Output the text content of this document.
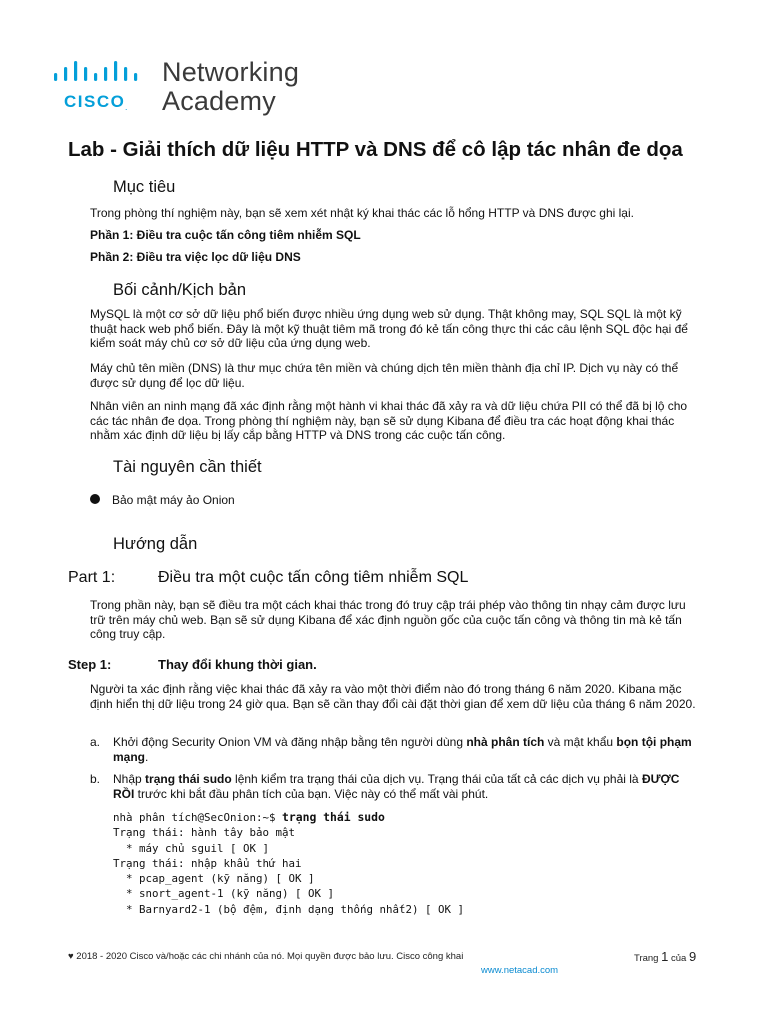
CISCO.
Networking
Academy
Lab - Giải thích dữ liệu HTTP và DNS để cô lập tác nhân đe dọa
Mục tiêu
Trong phòng thí nghiệm này, bạn sẽ xem xét nhật ký khai thác các lỗ hổng HTTP và DNS được ghi lại.
Phần 1: Điều tra cuộc tấn công tiêm nhiễm SQL
Phần 2: Điều tra việc lọc dữ liệu DNS
Bối cảnh/Kịch bản
MySQL là một cơ sở dữ liệu phổ biến được nhiều ứng dụng web sử dụng. Thật không may, SQL SQL là một kỹ thuật hack web phổ biến. Đây là một kỹ thuật tiêm mã trong đó kẻ tấn công thực thi các câu lệnh SQL độc hại để kiểm soát máy chủ cơ sở dữ liệu của ứng dụng web.
Máy chủ tên miền (DNS) là thư mục chứa tên miền và chúng dịch tên miền thành địa chỉ IP. Dịch vụ này có thể được sử dụng để lọc dữ liệu.
Nhân viên an ninh mạng đã xác định rằng một hành vi khai thác đã xảy ra và dữ liệu chứa PII có thể đã bị lộ cho các tác nhân đe dọa. Trong phòng thí nghiệm này, bạn sẽ sử dụng Kibana để điều tra các hoạt động khai thác nhằm xác định dữ liệu bị lấy cắp bằng HTTP và DNS trong các cuộc tấn công.
Tài nguyên cần thiết
Bảo mật máy ảo Onion
Hướng dẫn
Part 1:	Điều tra một cuộc tấn công tiêm nhiễm SQL
Trong phần này, bạn sẽ điều tra một cách khai thác trong đó truy cập trái phép vào thông tin nhạy cảm được lưu trữ trên máy chủ web. Bạn sẽ sử dụng Kibana để xác định nguồn gốc của cuộc tấn công và thông tin mà kẻ tấn công truy cập.
Step 1:	Thay đổi khung thời gian.
Người ta xác định rằng việc khai thác đã xảy ra vào một thời điểm nào đó trong tháng 6 năm 2020. Kibana mặc định hiển thị dữ liệu trong 24 giờ qua. Bạn sẽ cần thay đổi cài đặt thời gian để xem dữ liệu của tháng 6 năm 2020.
a. Khởi động Security Onion VM và đăng nhập bằng tên người dùng nhà phân tích và mật khẩu bọn tội phạm mạng.
b. Nhập trạng thái sudo lệnh kiểm tra trạng thái của dịch vụ. Trạng thái của tất cả các dịch vụ phải là ĐƯỢC RỒI trước khi bắt đầu phân tích của bạn. Việc này có thể mất vài phút.
nhà phân tích@SecOnion:~$ trạng thái sudo
Trạng thái: hành tây bảo mật
* máy chủ sguil [ OK ]
Trạng thái: nhập khẩu thứ hai
* pcap_agent (kỹ năng) [ OK ]
* snort_agent-1 (kỹ năng) [ OK ]
* Barnyard2-1 (bộ đệm, định dạng thống nhất2) [ OK ]
♥ 2018 - 2020 Cisco và/hoặc các chi nhánh của nó. Mọi quyền được bảo lưu. Cisco công khai	Trang 1 của 9
www.netacad.com
